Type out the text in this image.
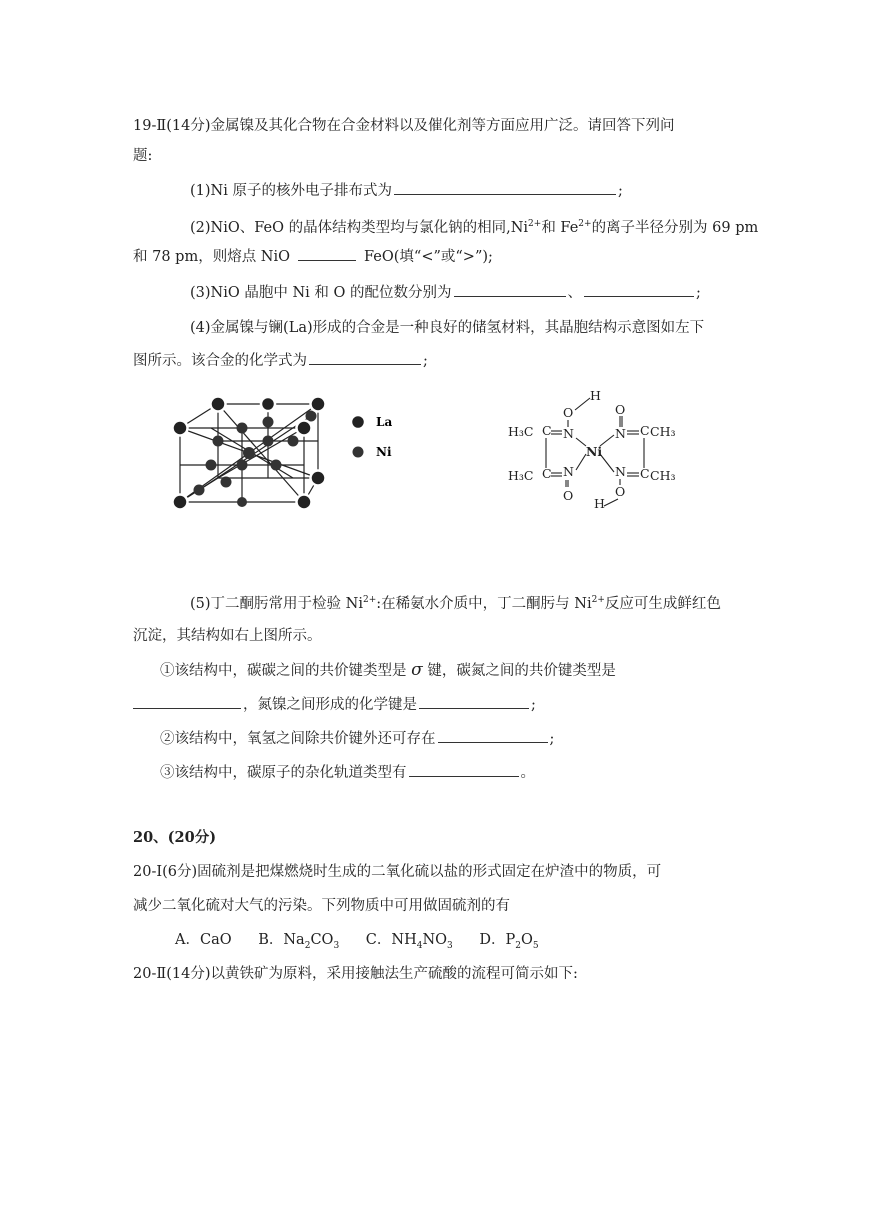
19-Ⅱ(14分)金属镍及其化合物在合金材料以及催化剂等方面应用广泛。请回答下列问
题:
(1)Ni 原子的核外电子排布式为	;
(2)NiO、FeO 的晶体结构类型均与氯化钠的相同$,Ni^{2+}$和 $Fe^{2+}$的离子半径分别为 69 pm
和 78 pm，则熔点 NiO	FeO(填“<”或“>”);
(3)NiO 晶胞中 Ni 和 O 的配位数分别为	、	;
(4)金属镍与镧(La)形成的合金是一种良好的储氢材料，其晶胞结构示意图如左下
图所示。该合金的化学式为	;
La
Ni
H
O	O
H₃C C N	N C CH₃
Ni
H₃C C N	N C CH₃
O	O
H
(5)丁二酮肟常用于检验 $Ni^{2+}$:在稀氨水介质中，丁二酮肟与 $Ni^{2+}$反应可生成鲜红色
沉淀，其结构如右上图所示。
①该结构中，碳碳之间的共价键类型是 σ 键，碳氮之间的共价键类型是
，氮镍之间形成的化学键是	;
②该结构中，氧氢之间除共价键外还可存在	;
③该结构中，碳原子的杂化轨道类型有	。
20、(20分)
20-Ⅰ(6分)固硫剂是把煤燃烧时生成的二氧化硫以盐的形式固定在炉渣中的物质，可
减少二氧化硫对大气的污染。下列物质中可用做固硫剂的有
A．CaO B．$Na_2CO_3$ C．$NH_4NO_3$ D．$P_2O_5$
20-Ⅱ(14分)以黄铁矿为原料，采用接触法生产硫酸的流程可简示如下:
